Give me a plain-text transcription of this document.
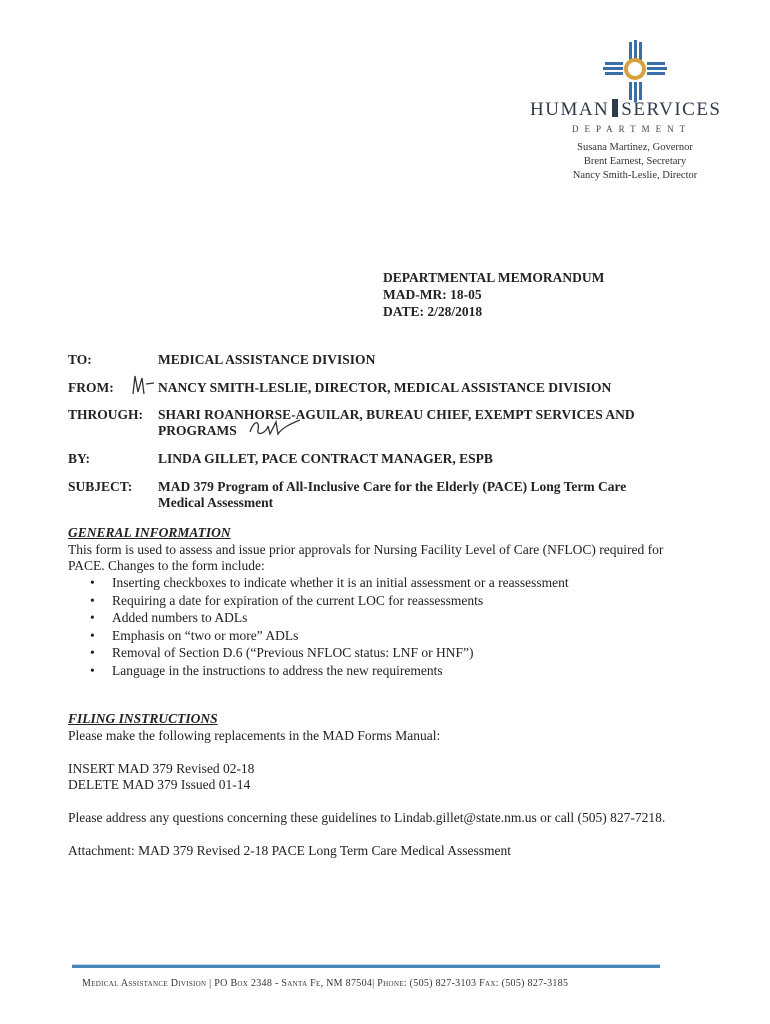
HUMAN SERVICES
DEPARTMENT
Susana Martinez, Governor
Brent Earnest, Secretary
Nancy Smith-Leslie, Director
DEPARTMENTAL MEMORANDUM
MAD-MR: 18-05
DATE: 2/28/2018
TO:	MEDICAL ASSISTANCE DIVISION
FROM:	NANCY SMITH-LESLIE, DIRECTOR, MEDICAL ASSISTANCE DIVISION
THROUGH: SHARI ROANHORSE-AGUILAR, BUREAU CHIEF, EXEMPT SERVICES AND
PROGRAMS
BY:	LINDA GILLET, PACE CONTRACT MANAGER, ESPB
SUBJECT: MAD 379 Program of All-Inclusive Care for the Elderly (PACE) Long Term Care
Medical Assessment
GENERAL INFORMATION
This form is used to assess and issue prior approvals for Nursing Facility Level of Care (NFLOC) required for
PACE. Changes to the form include:
• Inserting checkboxes to indicate whether it is an initial assessment or a reassessment
• Requiring a date for expiration of the current LOC for reassessments
• Added numbers to ADLs
• Emphasis on “two or more” ADLs
• Removal of Section D.6 (“Previous NFLOC status: LNF or HNF”)
• Language in the instructions to address the new requirements
FILING INSTRUCTIONS
Please make the following replacements in the MAD Forms Manual:
INSERT MAD 379 Revised 02-18
DELETE MAD 379 Issued 01-14
Please address any questions concerning these guidelines to Lindab.gillet@state.nm.us or call (505) 827-7218.
Attachment: MAD 379 Revised 2-18 PACE Long Term Care Medical Assessment
Medical Assistance Division | PO Box 2348 - Santa Fe, NM 87504| Phone: (505) 827-3103 Fax: (505) 827-3185
